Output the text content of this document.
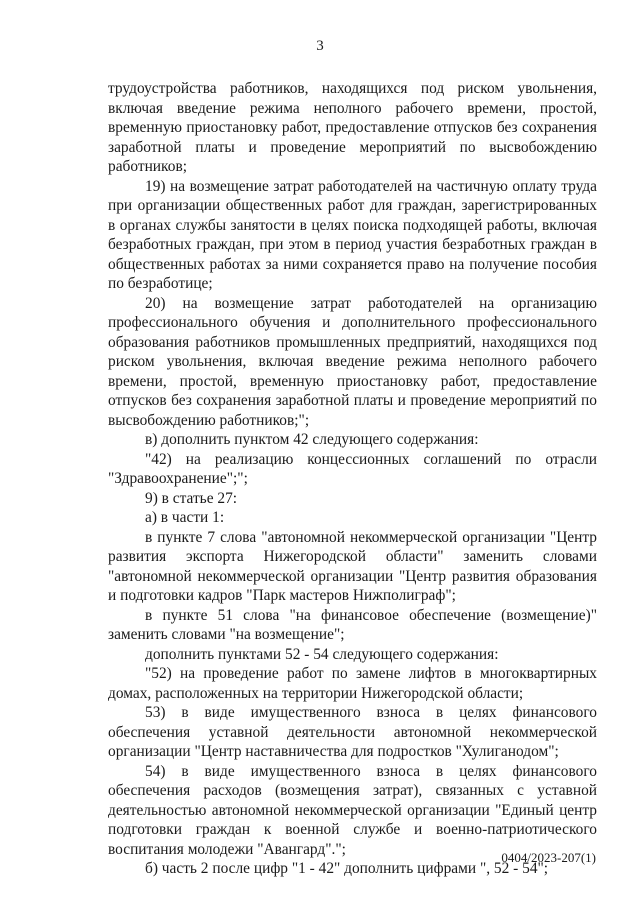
3

трудоустройства работников, находящихся под риском увольнения, включая введение режима неполного рабочего времени, простой, временную приостановку работ, предоставление отпусков без сохранения заработной платы и проведение мероприятий по высвобождению работников;

19) на возмещение затрат работодателей на частичную оплату труда при организации общественных работ для граждан, зарегистрированных в органах службы занятости в целях поиска подходящей работы, включая безработных граждан, при этом в период участия безработных граждан в общественных работах за ними сохраняется право на получение пособия по безработице;

20) на возмещение затрат работодателей на организацию профессионального обучения и дополнительного профессионального образования работников промышленных предприятий, находящихся под риском увольнения, включая введение режима неполного рабочего времени, простой, временную приостановку работ, предоставление отпусков без сохранения заработной платы и проведение мероприятий по высвобождению работников;";

в) дополнить пунктом 42 следующего содержания:

"42) на реализацию концессионных соглашений по отрасли "Здравоохранение";";

9) в статье 27:

а) в части 1:

в пункте 7 слова "автономной некоммерческой организации "Центр развития экспорта Нижегородской области" заменить словами "автономной некоммерческой организации "Центр развития образования и подготовки кадров "Парк мастеров Нижполиграф";

в пункте 51 слова "на финансовое обеспечение (возмещение)" заменить словами "на возмещение";

дополнить пунктами 52 - 54 следующего содержания:

"52) на проведение работ по замене лифтов в многоквартирных домах, расположенных на территории Нижегородской области;

53) в виде имущественного взноса в целях финансового обеспечения уставной деятельности автономной некоммерческой организации "Центр наставничества для подростков "Хулиганодом";

54) в виде имущественного взноса в целях финансового обеспечения расходов (возмещения затрат), связанных с уставной деятельностью автономной некоммерческой организации "Единый центр подготовки граждан к военной службе и военно-патриотического воспитания молодежи "Авангард".";

б) часть 2 после цифр "1 - 42" дополнить цифрами ", 52 - 54";

0404/2023-207(1)
